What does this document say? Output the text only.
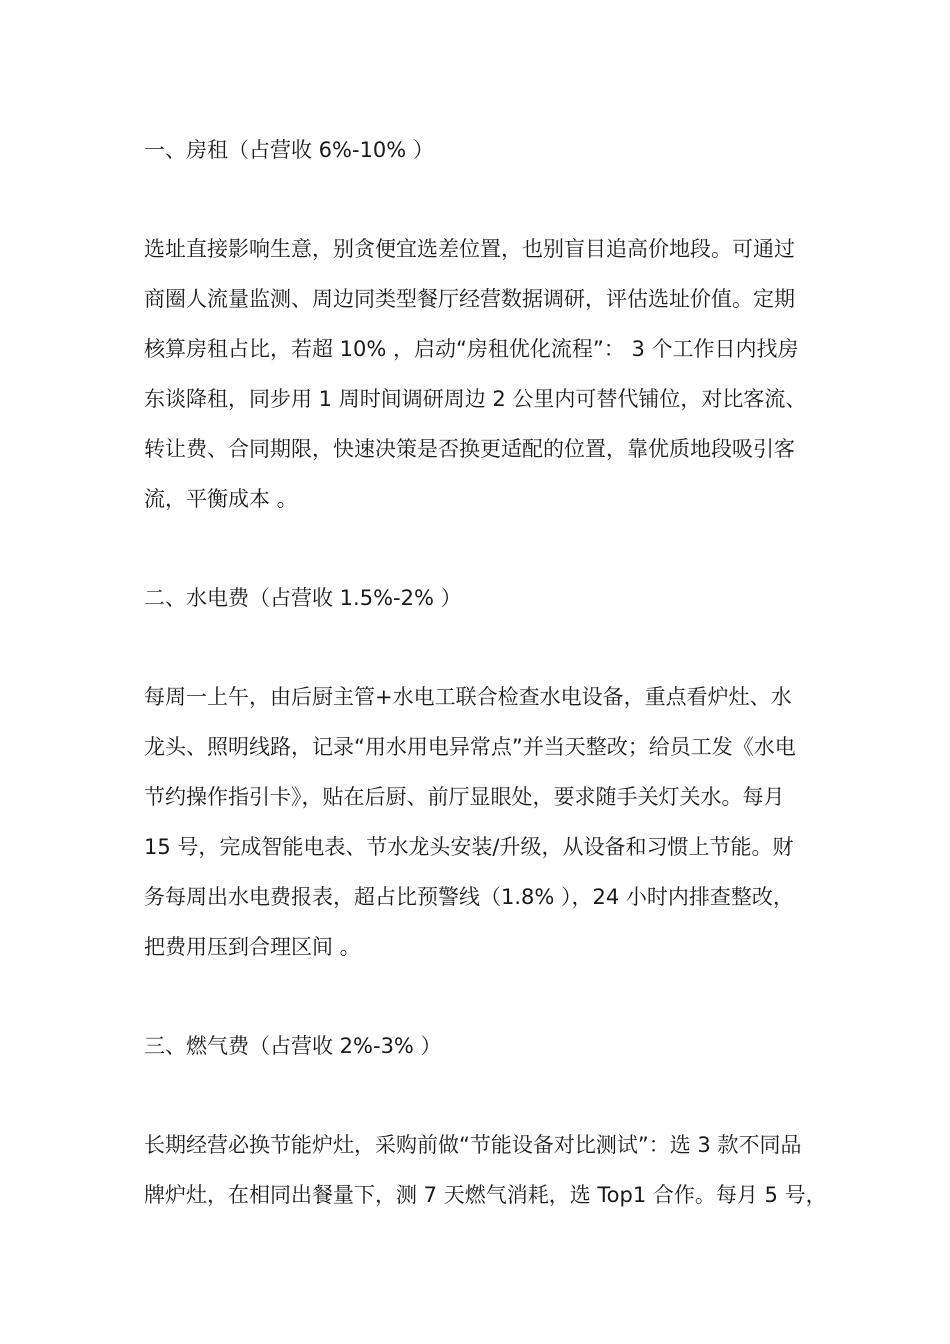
一、房租（占营收 6%-10% ）
选址直接影响生意，别贪便宜选差位置，也别盲目追高价地段。可通过
商圈人流量监测、周边同类型餐厅经营数据调研，评估选址价值。定期
核算房租占比，若超 10% ，启动“房租优化流程”： 3 个工作日内找房
东谈降租，同步用 1 周时间调研周边 2 公里内可替代铺位，对比客流、
转让费、合同期限，快速决策是否换更适配的位置，靠优质地段吸引客
流，平衡成本 。
二、水电费（占营收 1.5%-2% ）
每周一上午，由后厨主管+水电工联合检查水电设备，重点看炉灶、水
龙头、照明线路，记录“用水用电异常点”并当天整改；给员工发《水电
节约操作指引卡》，贴在后厨、前厅显眼处，要求随手关灯关水。每月
15 号，完成智能电表、节水龙头安装/升级，从设备和习惯上节能。财
务每周出水电费报表，超占比预警线（1.8% ），24 小时内排查整改，
把费用压到合理区间 。
三、燃气费（占营收 2%-3% ）
长期经营必换节能炉灶，采购前做“节能设备对比测试”：选 3 款不同品
牌炉灶，在相同出餐量下，测 7 天燃气消耗，选 Top1 合作。每月 5 号，
